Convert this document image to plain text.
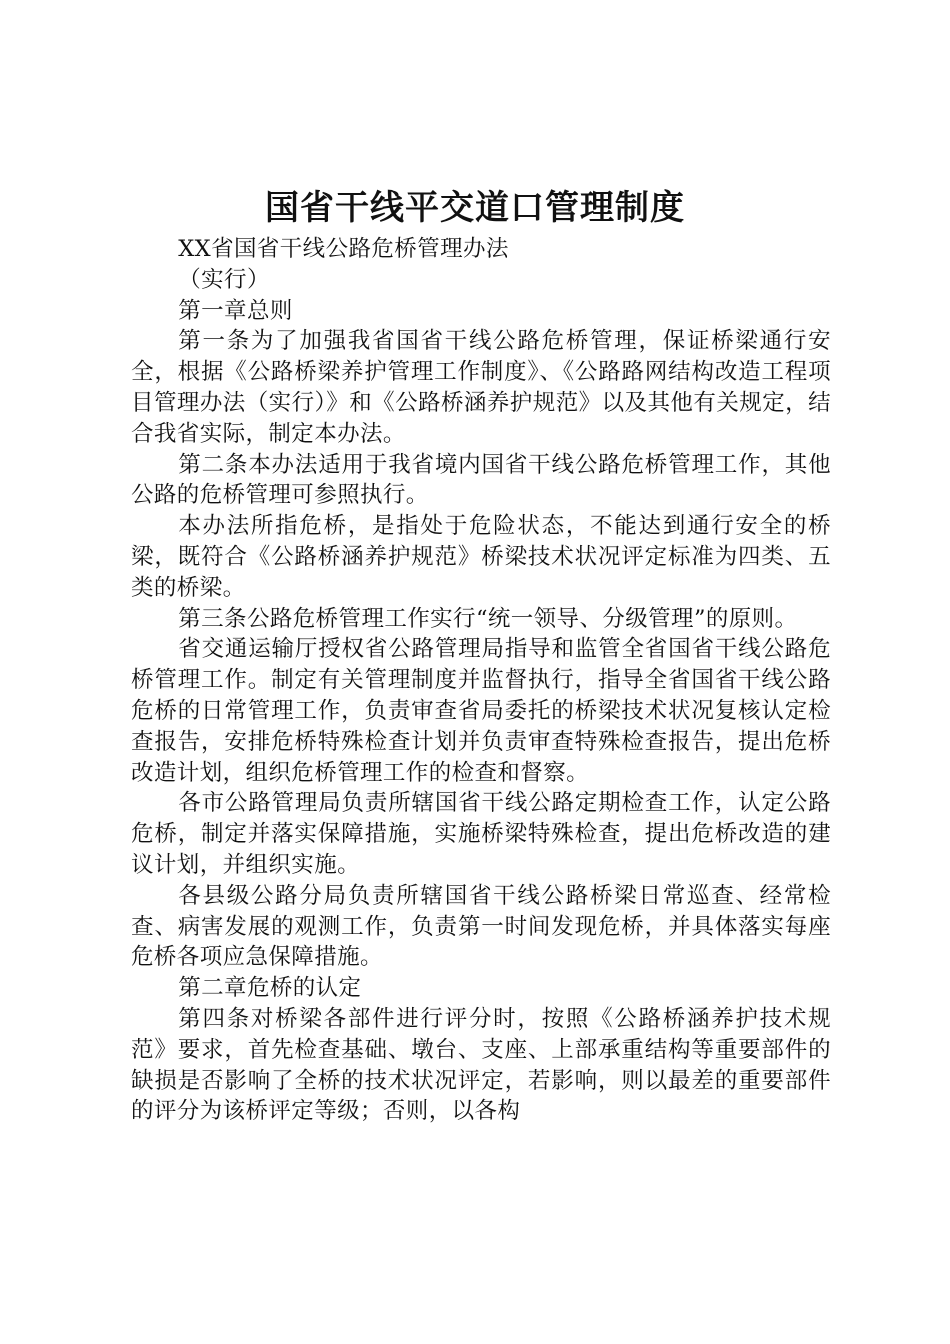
国省干线平交道口管理制度

XX省国省干线公路危桥管理办法

（实行）

第一章总则

第一条为了加强我省国省干线公路危桥管理，保证桥梁通行安全，根据《公路桥梁养护管理工作制度》、《公路路网结构改造工程项目管理办法（实行）》和《公路桥涵养护规范》以及其他有关规定，结合我省实际，制定本办法。

第二条本办法适用于我省境内国省干线公路危桥管理工作，其他公路的危桥管理可参照执行。

本办法所指危桥，是指处于危险状态，不能达到通行安全的桥梁，既符合《公路桥涵养护规范》桥梁技术状况评定标准为四类、五类的桥梁。

第三条公路危桥管理工作实行“统一领导、分级管理”的原则。

省交通运输厅授权省公路管理局指导和监管全省国省干线公路危桥管理工作。制定有关管理制度并监督执行，指导全省国省干线公路危桥的日常管理工作，负责审查省局委托的桥梁技术状况复核认定检查报告，安排危桥特殊检查计划并负责审查特殊检查报告，提出危桥改造计划，组织危桥管理工作的检查和督察。

各市公路管理局负责所辖国省干线公路定期检查工作，认定公路危桥，制定并落实保障措施，实施桥梁特殊检查，提出危桥改造的建议计划，并组织实施。

各县级公路分局负责所辖国省干线公路桥梁日常巡查、经常检查、病害发展的观测工作，负责第一时间发现危桥，并具体落实每座危桥各项应急保障措施。

第二章危桥的认定

第四条对桥梁各部件进行评分时，按照《公路桥涵养护技术规范》要求，首先检查基础、墩台、支座、上部承重结构等重要部件的缺损是否影响了全桥的技术状况评定，若影响，则以最差的重要部件的评分为该桥评定等级；否则，以各构
